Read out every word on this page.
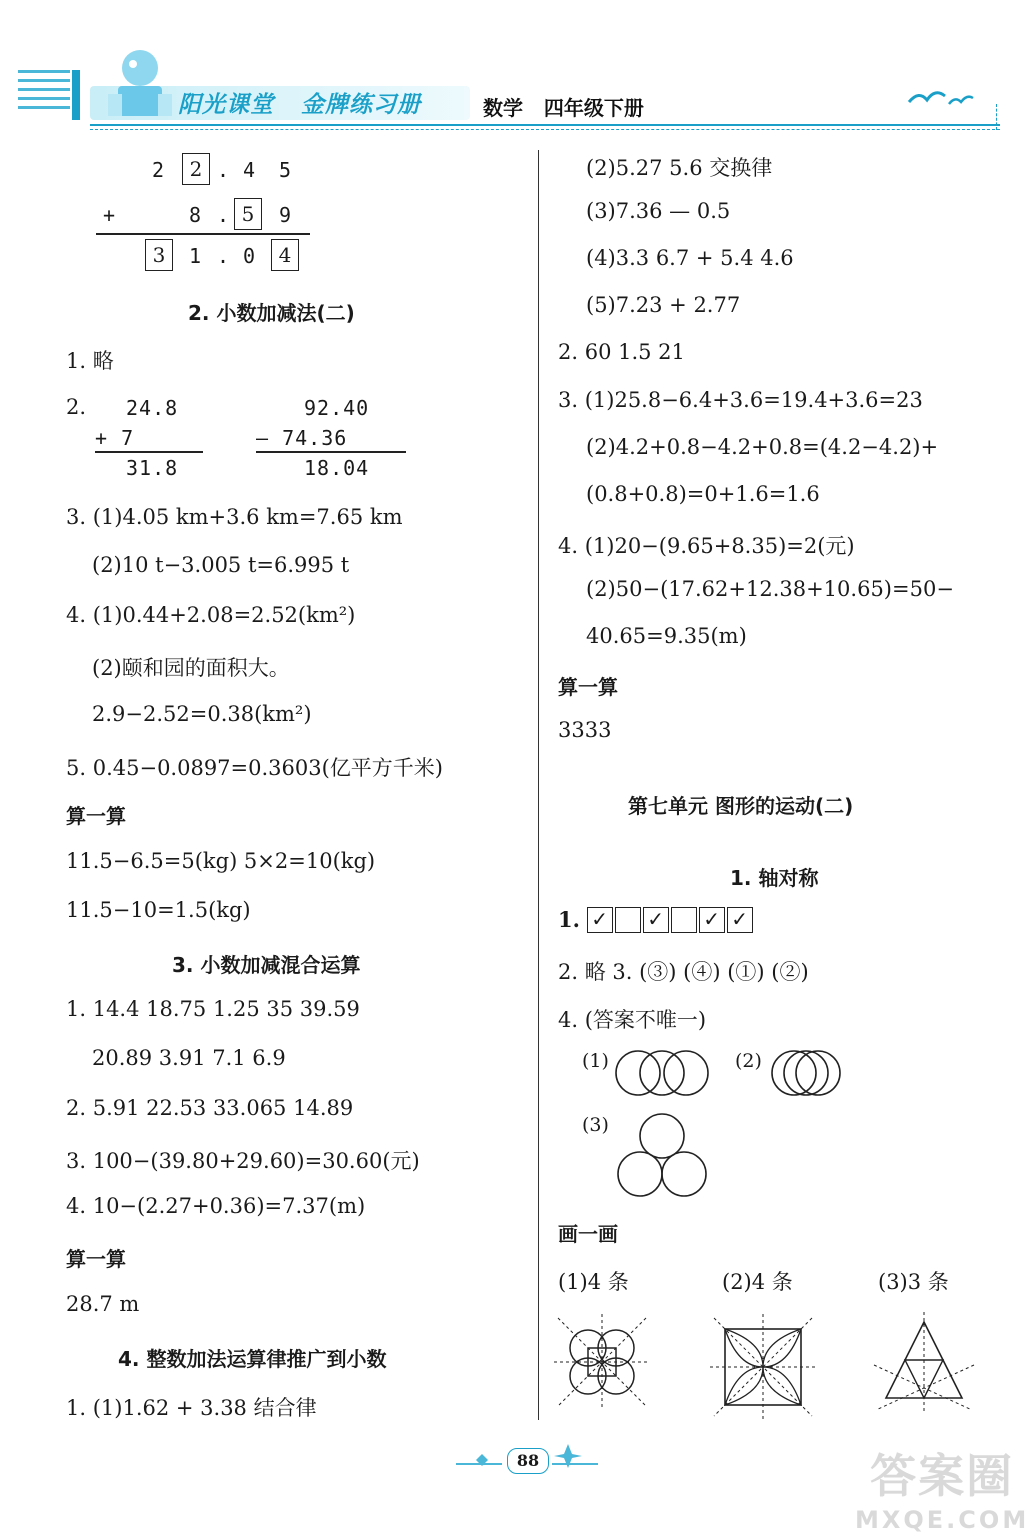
阳光课堂 金牌练习册	数学 四年级下册
2	2 . 4 5
+	8 . 5	9
3	1 . 0	4
2. 小数加减法(二)
1. 略
2. 24.8
+ 7
31.8
92.40
— 74.36
18.04
3. (1)4.05 km+3.6 km=7.65 km
(2)10 t−3.005 t=6.995 t
4. (1)0.44+2.08=2.52(km²)
(2)颐和园的面积大。
2.9−2.52=0.38(km²)
5. 0.45−0.0897=0.3603(亿平方千米)
算一算
11.5−6.5=5(kg) 5×2=10(kg)
11.5−10=1.5(kg)
3. 小数加减混合运算
1. 14.4 18.75 1.25 35 39.59
20.89 3.91 7.1 6.9
2. 5.91 22.53 33.065 14.89
3. 100−(39.80+29.60)=30.60(元)
4. 10−(2.27+0.36)=7.37(m)
算一算
28.7 m
4. 整数加法运算律推广到小数
1. (1)1.62 + 3.38 结合律
(2)5.27 5.6 交换律
(3)7.36 — 0.5
(4)3.3 6.7 + 5.4 4.6
(5)7.23 + 2.77
2. 60 1.5 21
3. (1)25.8−6.4+3.6=19.4+3.6=23
(2)4.2+0.8−4.2+0.8=(4.2−4.2)+
(0.8+0.8)=0+1.6=1.6
4. (1)20−(9.65+8.35)=2(元)
(2)50−(17.62+12.38+10.65)=50−
40.65=9.35(m)
算一算
3333
第七单元 图形的运动(二)
1. 轴对称
1. ✓ ✓ ✓ ✓
2. 略 3. (③) (④) (①) (②)
4. (答案不唯一)
(1)	(2)
(3)
画一画
(1)4 条	(2)4 条	(3)3 条
88	答案圈
MXQE.COM
